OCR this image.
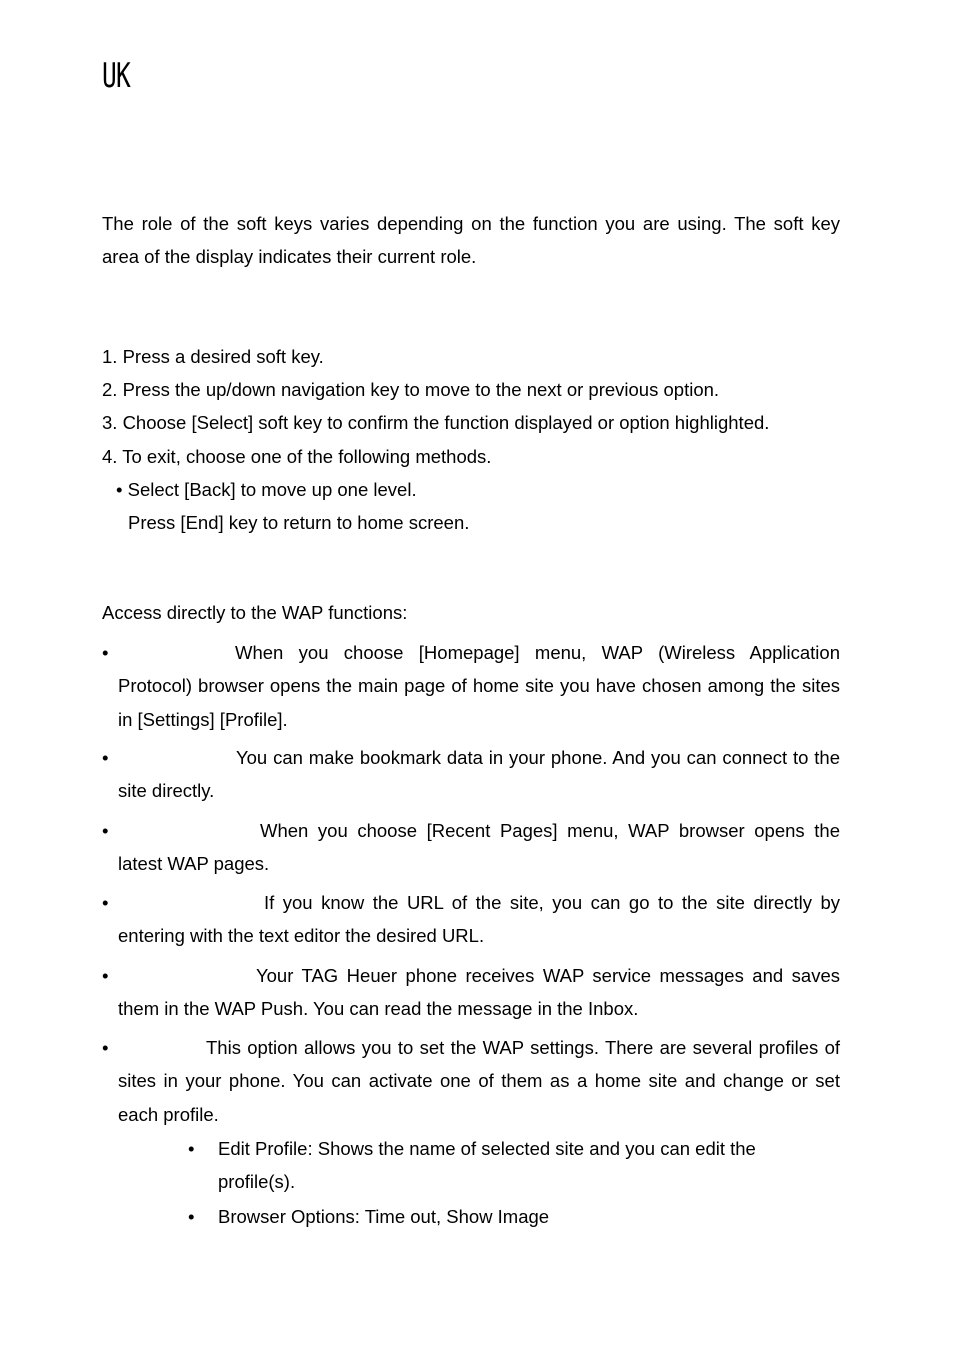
UK
The role of the soft keys varies depending on the function you are using. The soft key area of the display indicates their current role.
1. Press a desired soft key.
2. Press the up/down navigation key to move to the next or previous option.
3. Choose [Select] soft key to confirm the function displayed or option highlighted.
4. To exit, choose one of the following methods.
• Select [Back] to move up one level.
Press [End] key to return to home screen.
Access directly to the WAP functions:
•	When you choose [Homepage] menu, WAP (Wireless Application Protocol) browser opens the main page of home site you have chosen among the sites in [Settings] [Profile].
•	You can make bookmark data in your phone. And you can connect to the site directly.
•	When you choose [Recent Pages] menu, WAP browser opens the latest WAP pages.
•	If you know the URL of the site, you can go to the site directly by entering with the text editor the desired URL.
•	Your TAG Heuer phone receives WAP service messages and saves them in the WAP Push. You can read the message in the Inbox.
•	This option allows you to set the WAP settings. There are several profiles of sites in your phone. You can activate one of them as a home site and change or set each profile.
• Edit Profile: Shows the name of selected site and you can edit the profile(s).
• Browser Options: Time out, Show Image
